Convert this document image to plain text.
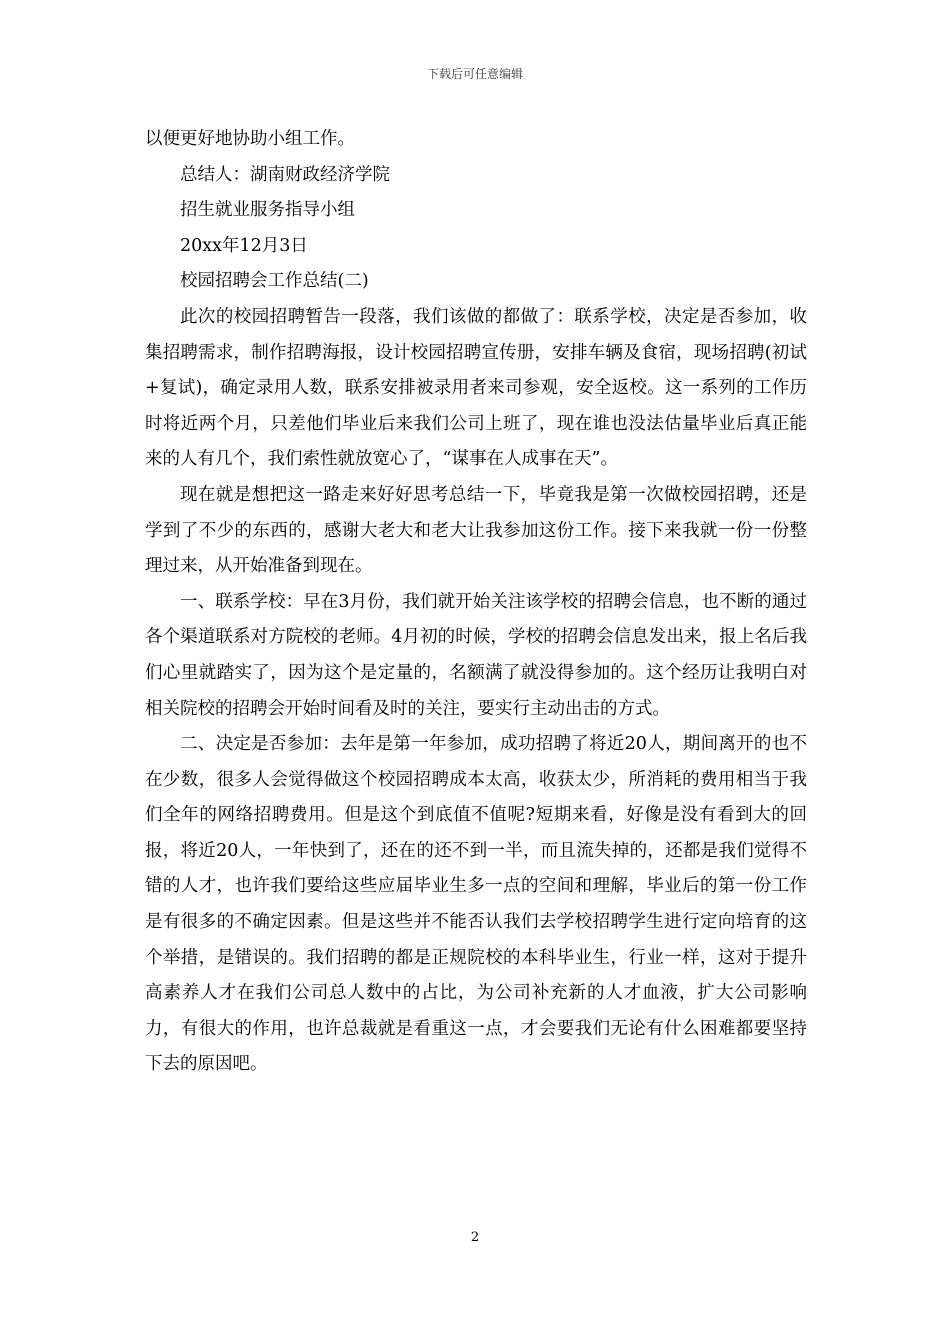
下载后可任意编辑

以便更好地协助小组工作。

总结人：湖南财政经济学院

招生就业服务指导小组

20xx年12月3日

校园招聘会工作总结(二)

此次的校园招聘暂告一段落，我们该做的都做了：联系学校，决定是否参加，收集招聘需求，制作招聘海报，设计校园招聘宣传册，安排车辆及食宿，现场招聘(初试+复试)，确定录用人数，联系安排被录用者来司参观，安全返校。这一系列的工作历时将近两个月，只差他们毕业后来我们公司上班了，现在谁也没法估量毕业后真正能来的人有几个，我们索性就放宽心了，“谋事在人成事在天”。

现在就是想把这一路走来好好思考总结一下，毕竟我是第一次做校园招聘，还是学到了不少的东西的，感谢大老大和老大让我参加这份工作。接下来我就一份一份整理过来，从开始准备到现在。

一、联系学校：早在3月份，我们就开始关注该学校的招聘会信息，也不断的通过各个渠道联系对方院校的老师。4月初的时候，学校的招聘会信息发出来，报上名后我们心里就踏实了，因为这个是定量的，名额满了就没得参加的。这个经历让我明白对相关院校的招聘会开始时间看及时的关注，要实行主动出击的方式。

二、决定是否参加：去年是第一年参加，成功招聘了将近20人，期间离开的也不在少数，很多人会觉得做这个校园招聘成本太高，收获太少，所消耗的费用相当于我们全年的网络招聘费用。但是这个到底值不值呢?短期来看，好像是没有看到大的回报，将近20人，一年快到了，还在的还不到一半，而且流失掉的，还都是我们觉得不错的人才，也许我们要给这些应届毕业生多一点的空间和理解，毕业后的第一份工作是有很多的不确定因素。但是这些并不能否认我们去学校招聘学生进行定向培育的这个举措，是错误的。我们招聘的都是正规院校的本科毕业生，行业一样，这对于提升高素养人才在我们公司总人数中的占比，为公司补充新的人才血液，扩大公司影响力，有很大的作用，也许总裁就是看重这一点，才会要我们无论有什么困难都要坚持下去的原因吧。

2
